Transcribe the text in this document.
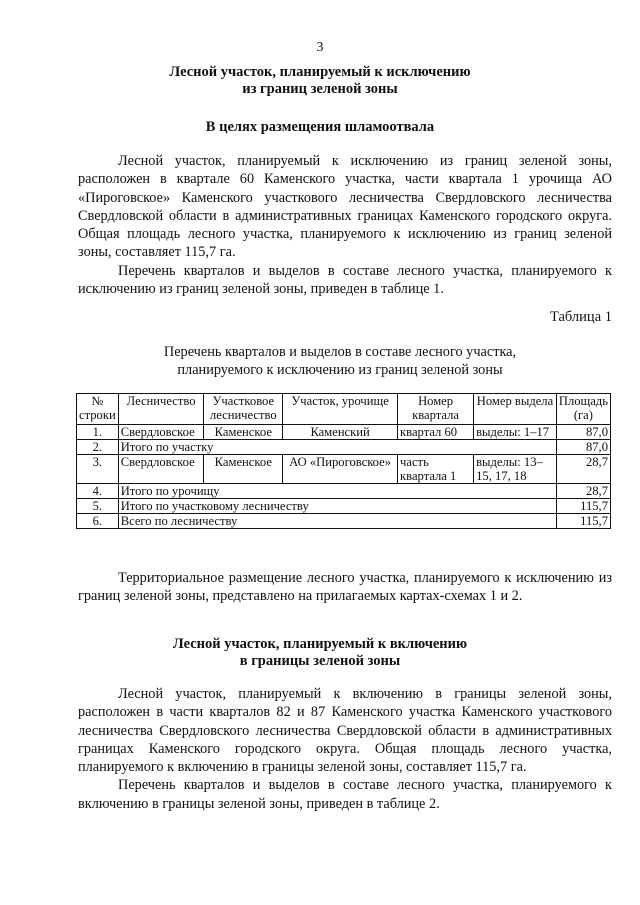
3
Лесной участок, планируемый к исключению
из границ зеленой зоны
В целях размещения шламоотвала

Лесной участок, планируемый к исключению из границ зеленой зоны, расположен в квартале 60 Каменского участка, части квартала 1 урочища АО «Пироговское» Каменского участкового лесничества Свердловского лесничества Свердловской области в административных границах Каменского городского округа. Общая площадь лесного участка, планируемого к исключению из границ зеленой зоны, составляет 115,7 га.

Перечень кварталов и выделов в составе лесного участка, планируемого к исключению из границ зеленой зоны, приведен в таблице 1.

Таблица 1
Перечень кварталов и выделов в составе лесного участка,
планируемого к исключению из границ зеленой зоны
№ строки	Лесничество	Участковое лесничество	Участок, урочище	Номер квартала	Номер выдела	Площадь (га)
1.	Свердловское	Каменское	Каменский	квартал 60	выделы: 1–17	87,0
2.	Итого по участку					87,0
3.	Свердловское	Каменское	АО «Пироговское»	часть квартала 1	выделы: 13–15, 17, 18	28,7
4.	Итого по урочищу					28,7
5.	Итого по участковому лесничеству					115,7
6.	Всего по лесничеству					115,7

Территориальное размещение лесного участка, планируемого к исключению из границ зеленой зоны, представлено на прилагаемых картах-схемах 1 и 2.

Лесной участок, планируемый к включению
в границы зеленой зоны

Лесной участок, планируемый к включению в границы зеленой зоны, расположен в части кварталов 82 и 87 Каменского участка Каменского участкового лесничества Свердловского лесничества Свердловской области в административных границах Каменского городского округа. Общая площадь лесного участка, планируемого к включению в границы зеленой зоны, составляет 115,7 га.

Перечень кварталов и выделов в составе лесного участка, планируемого к включению в границы зеленой зоны, приведен в таблице 2.
